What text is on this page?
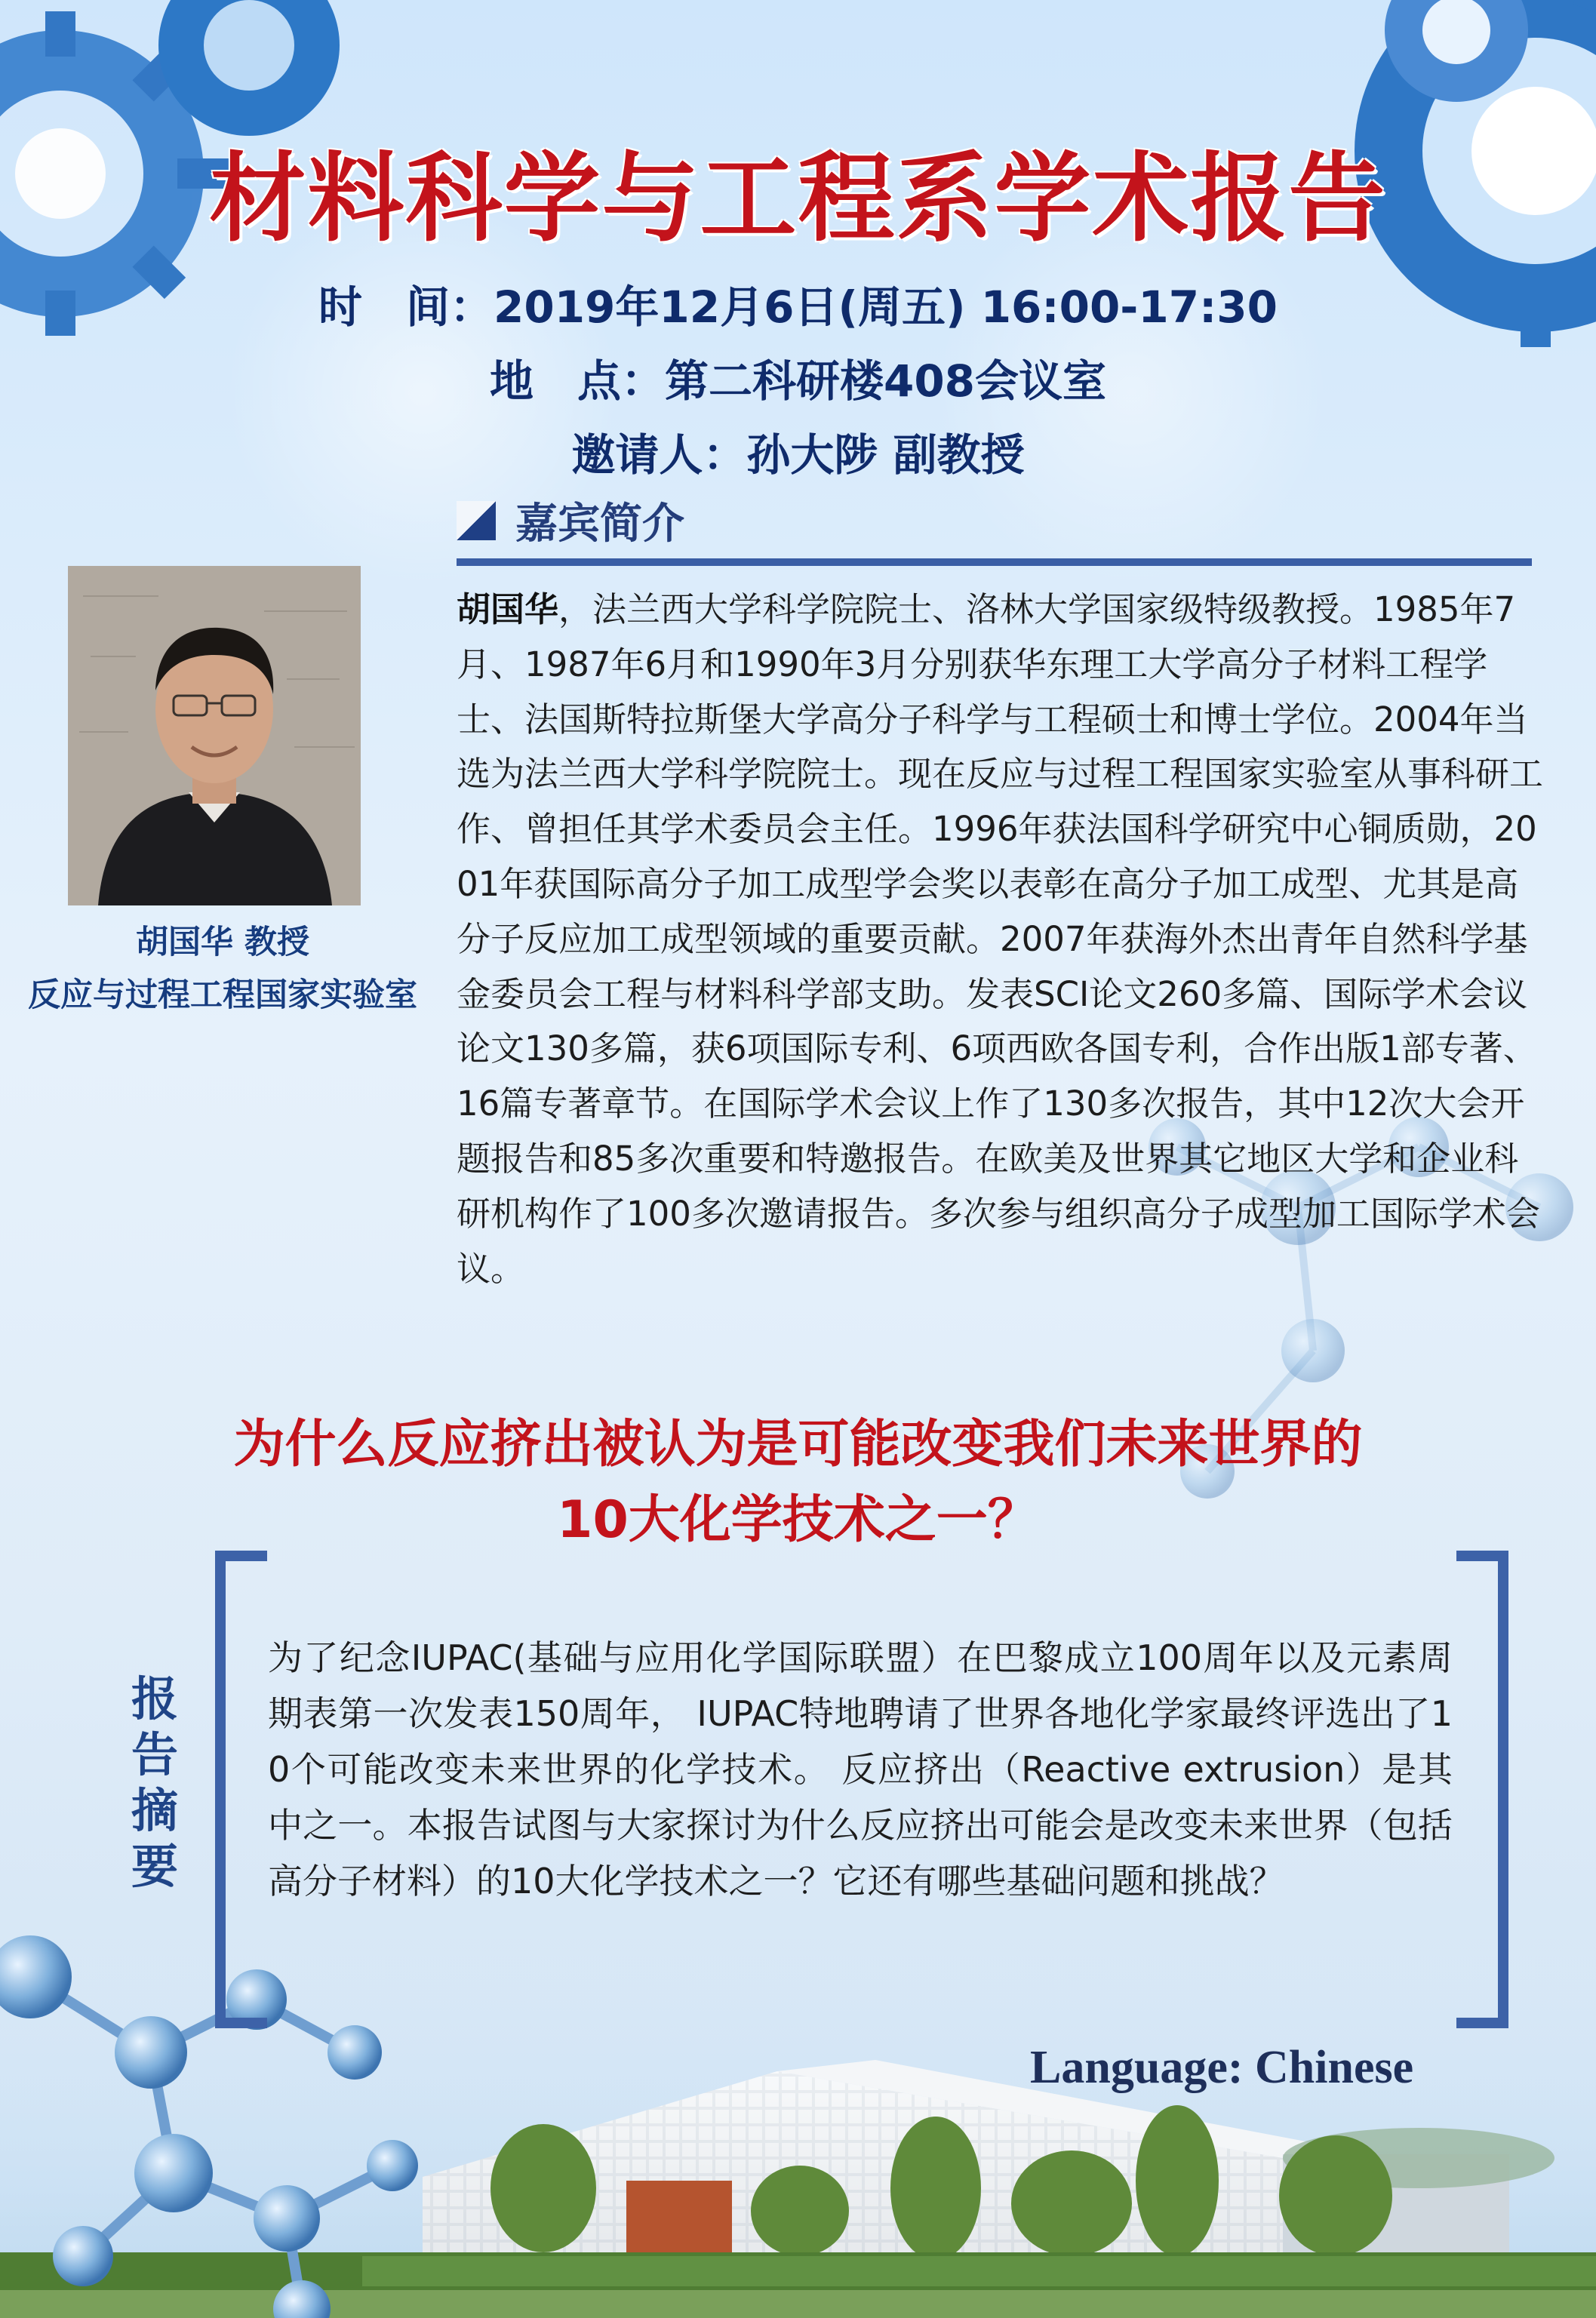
材料科学与工程系学术报告
时　间：2019年12月6日(周五) 16:00-17:30
地　点：第二科研楼408会议室
邀请人：孙大陟 副教授
嘉宾简介
胡国华 教授
反应与过程工程国家实验室
胡国华，法兰西大学科学院院士、洛林大学国家级特级教授。1985年7月、1987年6月和1990年3月分别获华东理工大学高分子材料工程学士、法国斯特拉斯堡大学高分子科学与工程硕士和博士学位。2004年当选为法兰西大学科学院院士。现在反应与过程工程国家实验室从事科研工作、曾担任其学术委员会主任。1996年获法国科学研究中心铜质勋，2001年获国际高分子加工成型学会奖以表彰在高分子加工成型、尤其是高分子反应加工成型领域的重要贡献。2007年获海外杰出青年自然科学基金委员会工程与材料科学部支助。发表SCI论文260多篇、国际学术会议论文130多篇，获6项国际专利、6项西欧各国专利，合作出版1部专著、16篇专著章节。在国际学术会议上作了130多次报告，其中12次大会开题报告和85多次重要和特邀报告。在欧美及世界其它地区大学和企业科研机构作了100多次邀请报告。多次参与组织高分子成型加工国际学术会议。
为什么反应挤出被认为是可能改变我们未来世界的
10大化学技术之一？
报告摘要
为了纪念IUPAC(基础与应用化学国际联盟）在巴黎成立100周年以及元素周期表第一次发表150周年， IUPAC特地聘请了世界各地化学家最终评选出了10个可能改变未来世界的化学技术。 反应挤出（Reactive extrusion）是其中之一。本报告试图与大家探讨为什么反应挤出可能会是改变未来世界（包括高分子材料）的10大化学技术之一？它还有哪些基础问题和挑战？
Language: Chinese
